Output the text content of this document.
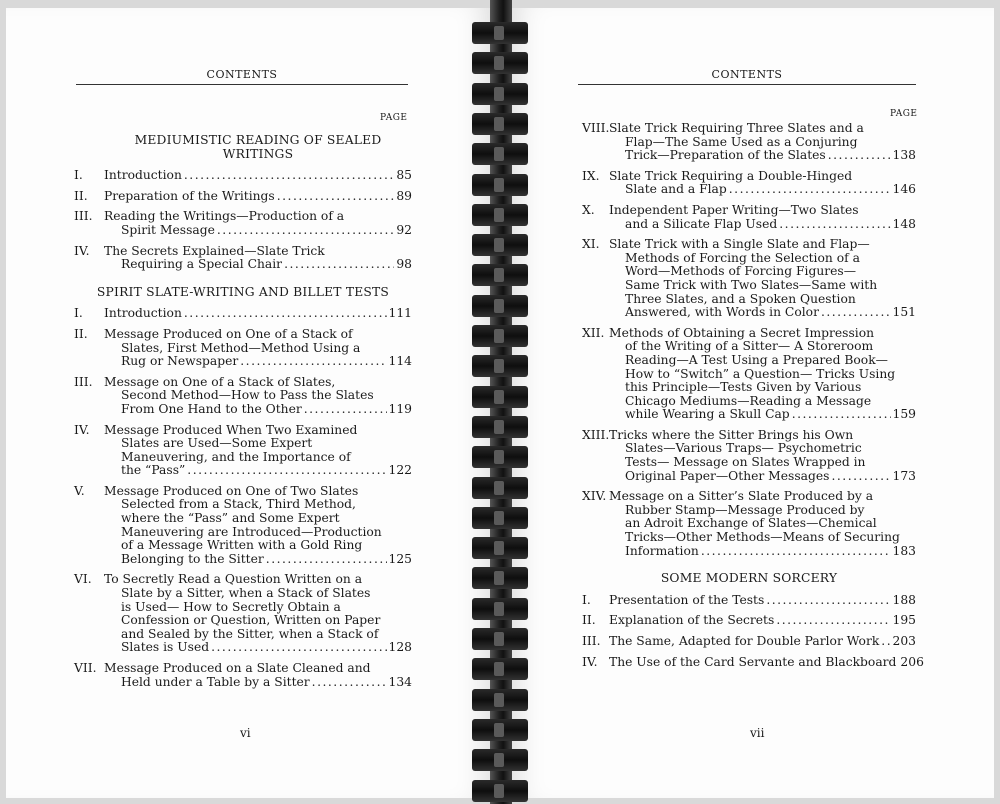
CONTENTS
PAGE
MEDIUMISTIC READING OF SEALED WRITINGS
I. Introduction .....	85
II. Preparation of the Writings .....	89
III. Reading the Writings—Production of a
Spirit Message .....	92
IV. The Secrets Explained—Slate Trick
Requiring a Special Chair .....	98
SPIRIT SLATE-WRITING AND BILLET TESTS
I. Introduction .....	111
II. Message Produced on One of a Stack of
Slates, First Method—Method Using a
Rug or Newspaper .....	114
III. Message on One of a Stack of Slates,
Second Method—How to Pass the Slates
From One Hand to the Other .....	119
IV. Message Produced When Two Examined
Slates are Used—Some Expert
Maneuvering, and the Importance of
the “Pass” .....	122
V. Message Produced on One of Two Slates
Selected from a Stack, Third Method,
where the “Pass” and Some Expert
Maneuvering are Introduced—Production
of a Message Written with a Gold Ring
Belonging to the Sitter .....	125
VI. To Secretly Read a Question Written on a
Slate by a Sitter, when a Stack of Slates
is Used— How to Secretly Obtain a
Confession or Question, Written on Paper
and Sealed by the Sitter, when a Stack of
Slates is Used .....	128
VII. Message Produced on a Slate Cleaned and
Held under a Table by a Sitter .....	134
vi
CONTENTS
PAGE
VIII. Slate Trick Requiring Three Slates and a
Flap—The Same Used as a Conjuring
Trick—Preparation of the Slates .....	138
IX. Slate Trick Requiring a Double-Hinged
Slate and a Flap .....	146
X. Independent Paper Writing—Two Slates
and a Silicate Flap Used .....	148
XI. Slate Trick with a Single Slate and Flap—
Methods of Forcing the Selection of a
Word—Methods of Forcing Figures—
Same Trick with Two Slates—Same with
Three Slates, and a Spoken Question
Answered, with Words in Color .....	151
XII. Methods of Obtaining a Secret Impression
of the Writing of a Sitter— A Storeroom
Reading—A Test Using a Prepared Book—
How to “Switch” a Question— Tricks Using
this Principle—Tests Given by Various
Chicago Mediums—Reading a Message
while Wearing a Skull Cap .....	159
XIII. Tricks where the Sitter Brings his Own
Slates—Various Traps— Psychometric
Tests— Message on Slates Wrapped in
Original Paper—Other Messages .....	173
XIV. Message on a Sitter’s Slate Produced by a
Rubber Stamp—Message Produced by
an Adroit Exchange of Slates—Chemical
Tricks—Other Methods—Means of Securing
Information .....	183
SOME MODERN SORCERY
I. Presentation of the Tests .....	188
II. Explanation of the Secrets .....	195
III. The Same, Adapted for Double Parlor Work ..... 203
IV. The Use of the Card Servante and Blackboard 206
vii
